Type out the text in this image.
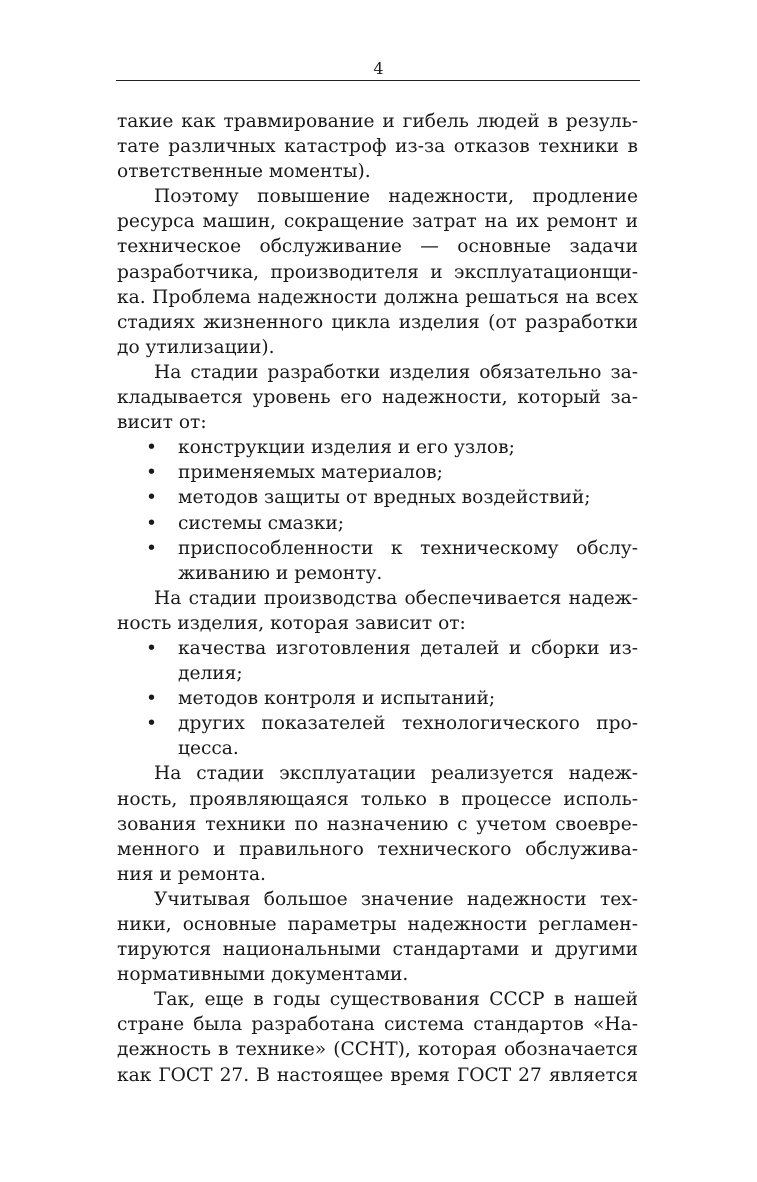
4
такие как травмирование и гибель людей в резуль-
тате различных катастроф из-за отказов техники в
ответственные моменты).
Поэтому повышение надежности, продление
ресурса машин, сокращение затрат на их ремонт и
техническое обслуживание — основные задачи
разработчика, производителя и эксплуатационщи-
ка. Проблема надежности должна решаться на всех
стадиях жизненного цикла изделия (от разработки
до утилизации).
На стадии разработки изделия обязательно за-
кладывается уровень его надежности, который за-
висит от:
• конструкции изделия и его узлов;
• применяемых материалов;
• методов защиты от вредных воздействий;
• системы смазки;
• приспособленности к техническому обслу-
живанию и ремонту.
На стадии производства обеспечивается надеж-
ность изделия, которая зависит от:
• качества изготовления деталей и сборки из-
делия;
• методов контроля и испытаний;
• других показателей технологического про-
цесса.
На стадии эксплуатации реализуется надеж-
ность, проявляющаяся только в процессе исполь-
зования техники по назначению с учетом своевре-
менного и правильного технического обслужива-
ния и ремонта.
Учитывая большое значение надежности тех-
ники, основные параметры надежности регламен-
тируются национальными стандартами и другими
нормативными документами.
Так, еще в годы существования СССР в нашей
стране была разработана система стандартов «На-
дежность в технике» (ССНТ), которая обозначается
как ГОСТ 27. В настоящее время ГОСТ 27 является
